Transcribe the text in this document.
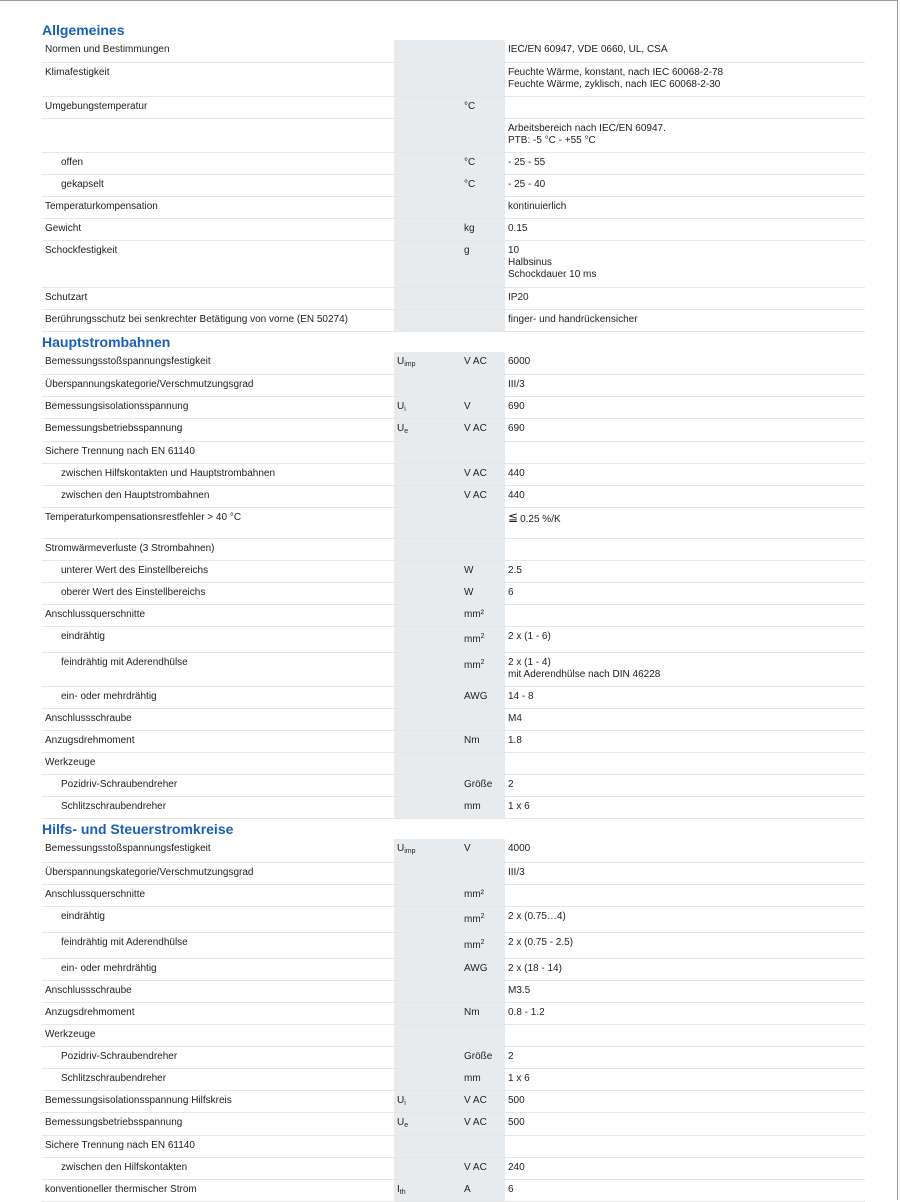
Allgemeines
Normen und Bestimmungen			IEC/EN 60947, VDE 0660, UL, CSA
Klimafestigkeit			Feuchte Wärme, konstant, nach IEC 60068-2-78
Feuchte Wärme, zyklisch, nach IEC 60068-2-30

Umgebungstemperatur		°C	

			Arbeitsbereich nach IEC/EN 60947.
PTB: -5 °C - +55 °C

offen		°C	- 25 - 55
gekapselt		°C	- 25 - 40
Temperaturkompensation			kontinuierlich
Gewicht		kg	0.15
Schockfestigkeit		g	10
Halbsinus
Schockdauer 10 ms

Schutzart			IP20
Berührungsschutz bei senkrechter Betätigung von vorne (EN 50274)			finger- und handrückensicher
Hauptstrombahnen
Bemessungsstoßspannungsfestigkeit	$U_{imp}$	V AC	6000
Überspannungskategorie/Verschmutzungsgrad			III/3
Bemessungsisolationsspannung	$U_i$	V	690
Bemessungsbetriebsspannung	$U_e$	V AC	690
Sichere Trennung nach EN 61140			
zwischen Hilfskontakten und Hauptstrombahnen		V AC	440
zwischen den Hauptstrombahnen		V AC	440
Temperaturkompensationsrestfehler > 40 °C			≦ 0.25 %/K
Stromwärmeverluste (3 Strombahnen)			
unterer Wert des Einstellbereichs		W	2.5
oberer Wert des Einstellbereichs		W	6
Anschlussquerschnitte		mm²	
eindrähtig		$mm^2$	2 x (1 - 6)
feindrähtig mit Aderendhülse		$mm^2$	2 x (1 - 4)
mit Aderendhülse nach DIN 46228

ein- oder mehrdrähtig		AWG	14 - 8
Anschlussschraube			M4
Anzugsdrehmoment		Nm	1.8
Werkzeuge			
Pozidriv-Schraubendreher		Größe	2
Schlitzschraubendreher		mm	1 x 6
Hilfs- und Steuerstromkreise
Bemessungsstoßspannungsfestigkeit	$U_{imp}$	V	4000
Überspannungskategorie/Verschmutzungsgrad			III/3
Anschlussquerschnitte		mm²	
eindrähtig		$mm^2$	2 x (0.75…4)
feindrähtig mit Aderendhülse		$mm^2$	2 x (0.75 - 2.5)
ein- oder mehrdrähtig		AWG	2 x (18 - 14)
Anschlussschraube			M3.5
Anzugsdrehmoment		Nm	0.8 - 1.2
Werkzeuge			
Pozidriv-Schraubendreher		Größe	2
Schlitzschraubendreher		mm	1 x 6
Bemessungsisolationsspannung Hilfskreis	$U_i$	V AC	500
Bemessungsbetriebsspannung	$U_e$	V AC	500
Sichere Trennung nach EN 61140			
zwischen den Hilfskontakten		V AC	240
konventioneller thermischer Strom	$I_{th}$	A	6
